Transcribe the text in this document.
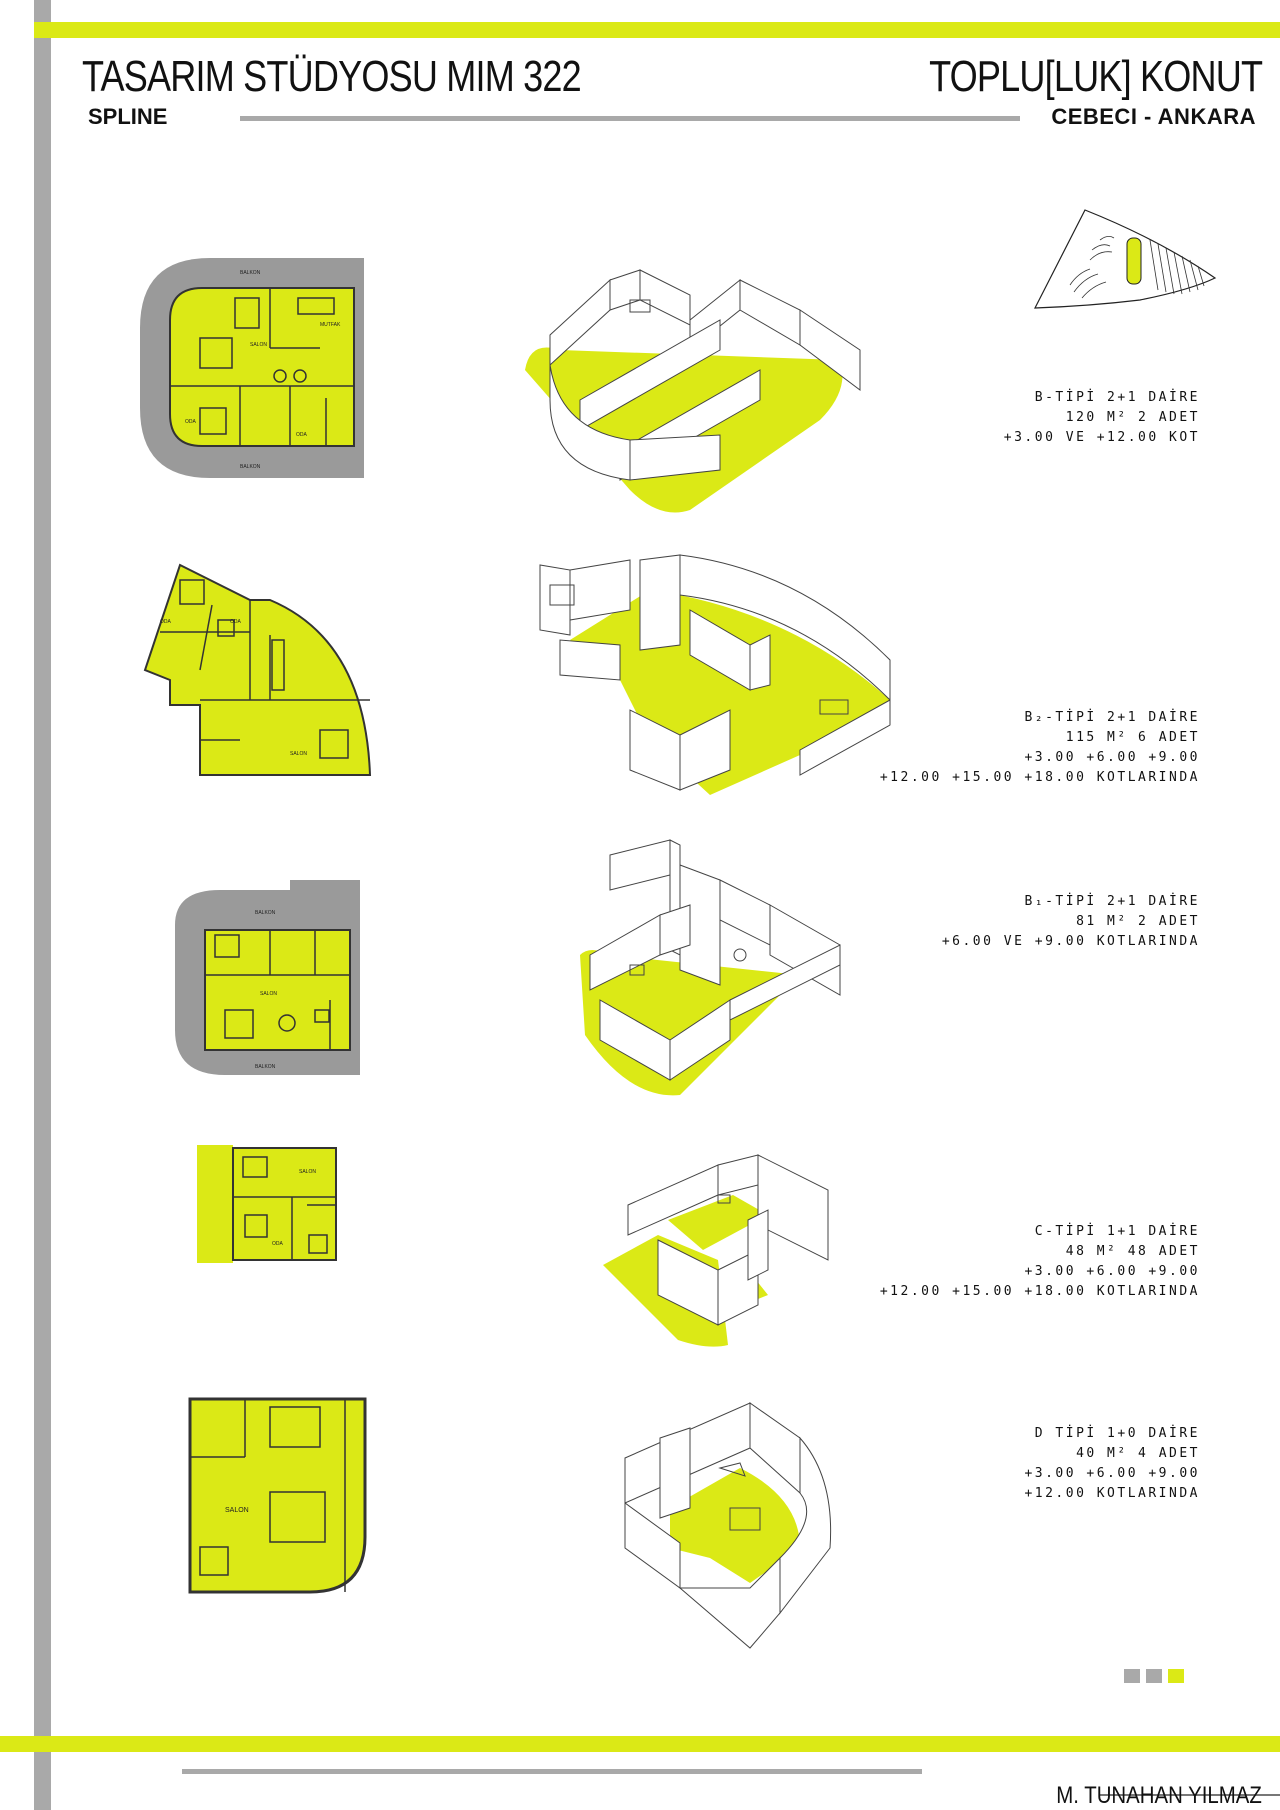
TASARIM STÜDYOSU MIM 322	TOPLU[LUK] KONUT
SPLINE	CEBECI - ANKARA
BALKON
SALON
MUTFAK
ODA
ODA
BALKON
B-TİPİ 2+1 DAİRE
120 M² 2 ADET
+3.00 VE +12.00 KOT
ODA	ODA
SALON
B₂-TİPİ 2+1 DAİRE
115 M² 6 ADET
+3.00 +6.00 +9.00
+12.00 +15.00 +18.00 KOTLARINDA
BALKON
SALON
BALKON
B₁-TİPİ 2+1 DAİRE
81 M² 2 ADET
+6.00 VE +9.00 KOTLARINDA
SALON
ODA
C-TİPİ 1+1 DAİRE
48 M² 48 ADET
+3.00 +6.00 +9.00
+12.00 +15.00 +18.00 KOTLARINDA
SALON
D TİPİ 1+0 DAİRE
40 M² 4 ADET
+3.00 +6.00 +9.00
+12.00 KOTLARINDA
M. TUNAHAN YILMAZ
